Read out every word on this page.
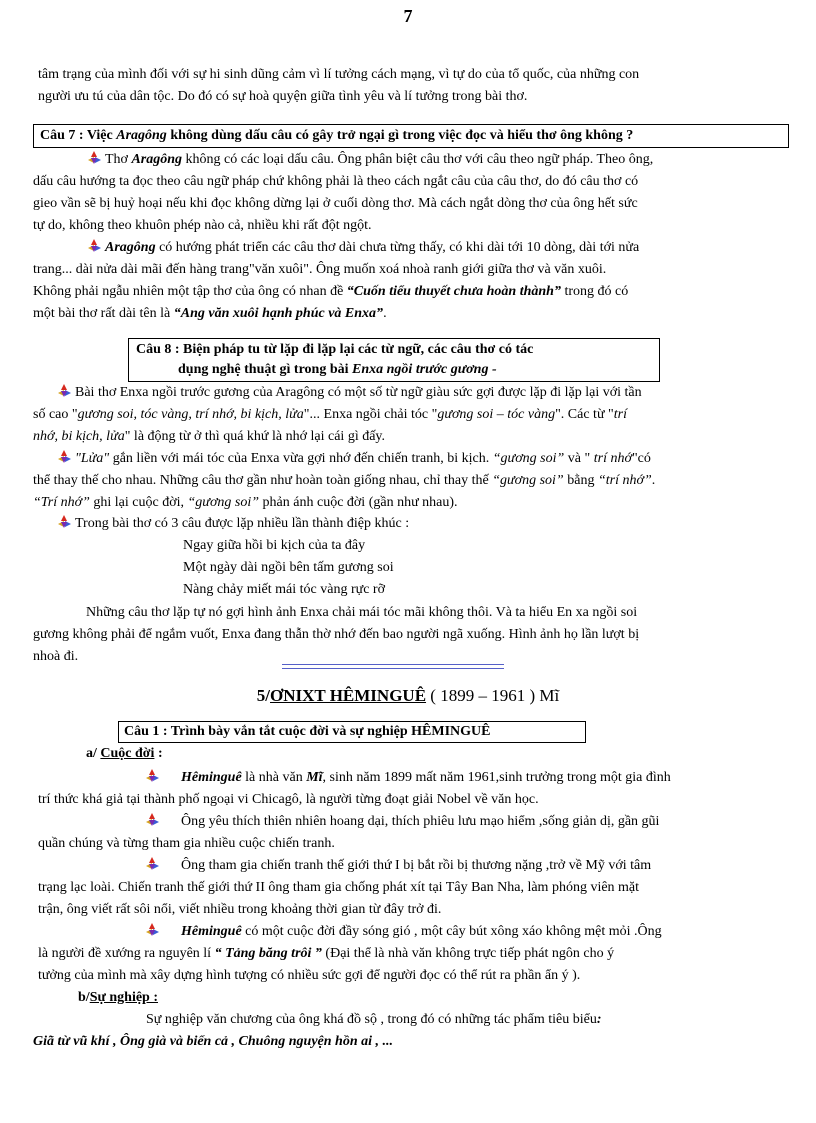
7
tâm trạng của mình đối với sự hi sinh dũng cảm vì lí tưởng cách mạng, vì tự do của tổ quốc, của những con
người ưu tú của dân tộc. Do đó có sự hoà quyện giữa tình yêu và lí tưởng trong bài thơ.
Câu 7 : Việc Aragông không dùng dấu câu có gây trở ngại gì trong việc đọc và hiểu thơ ông không ?
Thơ Aragông không có các loại dấu câu. Ông phân biệt câu thơ với câu theo ngữ pháp. Theo ông,
dấu câu hướng ta đọc theo câu ngữ pháp chứ không phải là theo cách ngắt câu của câu thơ, do đó câu thơ có
gieo vần sẽ bị huỷ hoại nếu khi đọc không dừng lại ở cuối dòng thơ. Mà cách ngắt dòng thơ của ông hết sức
tự do, không theo khuôn phép nào cả, nhiều khi rất đột ngột.
Aragông có hướng phát triển các câu thơ dài chưa từng thấy, có khi dài tới 10 dòng, dài tới nửa
trang... dài nửa dài mãi đến hàng trang"văn xuôi". Ông muốn xoá nhoà ranh giới giữa thơ và văn xuôi.
Không phải ngẫu nhiên một tập thơ của ông có nhan đề “Cuốn tiểu thuyết chưa hoàn thành” trong đó có
một bài thơ rất dài tên là “Ang văn xuôi hạnh phúc và Enxa”.
Câu 8 : Biện pháp tu từ lặp đi lặp lại các từ ngữ, các câu thơ có tác
dụng nghệ thuật gì trong bài Enxa ngồi trước gương -
Bài thơ Enxa ngồi trước gương của Aragông có một số từ ngữ giàu sức gợi được lặp đi lặp lại với tần
số cao "gương soi, tóc vàng, trí nhớ, bi kịch, lửa"... Enxa ngồi chải tóc "gương soi – tóc vàng". Các từ "trí
nhớ, bi kịch, lửa" là động từ ở thì quá khứ là nhớ lại cái gì đấy.
"Lửa" gắn liền với mái tóc của Enxa vừa gợi nhớ đến chiến tranh, bi kịch. “gương soi” và " trí nhớ"có
thể thay thế cho nhau. Những câu thơ gần như hoàn toàn giống nhau, chỉ thay thế “gương soi” bằng “trí nhớ”.
“Trí nhớ” ghi lại cuộc đời, “gương soi” phản ánh cuộc đời (gần như nhau).
Trong bài thơ có 3 câu được lặp nhiều lần thành điệp khúc :
Ngay giữa hồi bi kịch của ta đây
Một ngày dài ngồi bên tấm gương soi
Nàng chảy miết mái tóc vàng rực rỡ
Những câu thơ lặp tự nó gợi hình ảnh Enxa chải mái tóc mãi không thôi. Và ta hiểu En xa ngồi soi
gương không phải để ngắm vuốt, Enxa đang thẫn thờ nhớ đến bao người ngã xuống. Hình ảnh họ lần lượt bị
nhoà đi.
5/ƠNIXT HÊMINGUÊ ( 1899 – 1961 ) Mĩ
Câu 1 : Trình bày vắn tắt cuộc đời và sự nghiệp HÊMINGUÊ
a/ Cuộc đời :
Hêminguê là nhà văn Mĩ, sinh năm 1899 mất năm 1961,sinh trưởng trong một gia đình
trí thức khá giả tại thành phố ngoại vi Chicagô, là người từng đoạt giải Nobel về văn học.
Ông yêu thích thiên nhiên hoang dại, thích phiêu lưu mạo hiểm ,sống giản dị, gần gũi
quần chúng và từng tham gia nhiều cuộc chiến tranh.
Ông tham gia chiến tranh thế giới thứ I bị bắt rồi bị thương nặng ,trở về Mỹ với tâm
trạng lạc loài. Chiến tranh thế giới thứ II ông tham gia chống phát xít tại Tây Ban Nha, làm phóng viên mặt
trận, ông viết rất sôi nổi, viết nhiều trong khoảng thời gian từ đây trở đi.
Hêminguê có một cuộc đời đầy sóng gió , một cây bút xông xáo không mệt mỏi .Ông
là người đề xướng ra nguyên lí “ Tảng băng trôi ” (Đại thể là nhà văn không trực tiếp phát ngôn cho ý
tưởng của mình mà xây dựng hình tượng có nhiều sức gợi để người đọc có thể rút ra phần ẩn ý ).
b/Sự nghiệp :
Sự nghiệp văn chương của ông khá đồ sộ , trong đó có những tác phẩm tiêu biểu:
Giã từ vũ khí , Ông già và biển cả , Chuông nguyện hồn ai , ...
